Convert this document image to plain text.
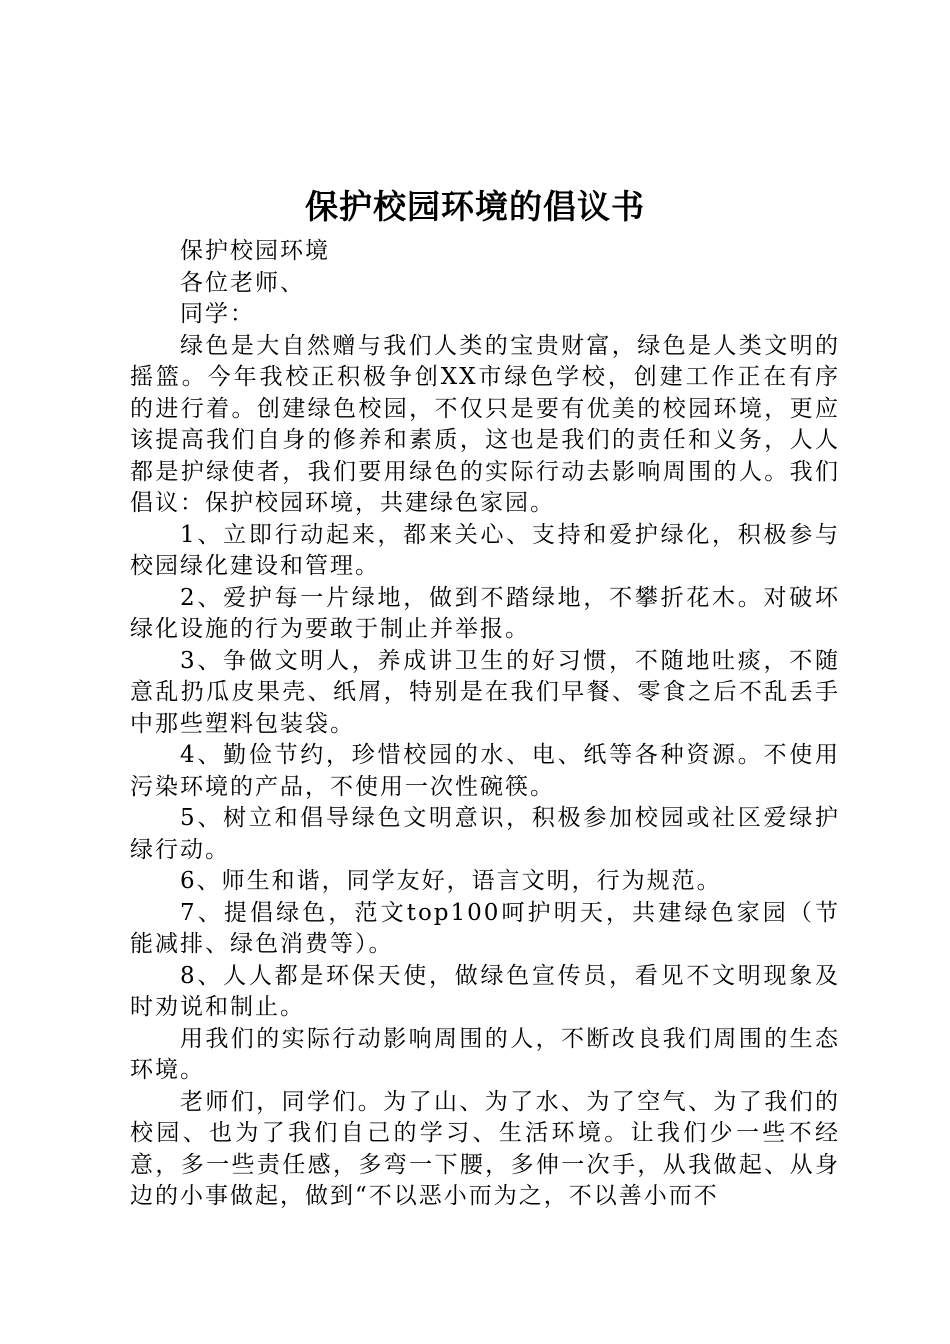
保护校园环境的倡议书

保护校园环境

各位老师、

同学：

绿色是大自然赠与我们人类的宝贵财富，绿色是人类文明的摇篮。今年我校正积极争创XX市绿色学校，创建工作正在有序的进行着。创建绿色校园，不仅只是要有优美的校园环境，更应该提高我们自身的修养和素质，这也是我们的责任和义务，人人都是护绿使者，我们要用绿色的实际行动去影响周围的人。我们倡议：保护校园环境，共建绿色家园。

1、立即行动起来，都来关心、支持和爱护绿化，积极参与校园绿化建设和管理。

2、爱护每一片绿地，做到不踏绿地，不攀折花木。对破坏绿化设施的行为要敢于制止并举报。

3、争做文明人，养成讲卫生的好习惯，不随地吐痰，不随意乱扔瓜皮果壳、纸屑，特别是在我们早餐、零食之后不乱丢手中那些塑料包装袋。

4、勤俭节约，珍惜校园的水、电、纸等各种资源。不使用污染环境的产品，不使用一次性碗筷。

5、树立和倡导绿色文明意识，积极参加校园或社区爱绿护绿行动。

6、师生和谐，同学友好，语言文明，行为规范。

7、提倡绿色，范文top100呵护明天，共建绿色家园（节能减排、绿色消费等）。

8、人人都是环保天使，做绿色宣传员，看见不文明现象及时劝说和制止。

用我们的实际行动影响周围的人，不断改良我们周围的生态环境。

老师们，同学们。为了山、为了水、为了空气、为了我们的校园、也为了我们自己的学习、生活环境。让我们少一些不经意，多一些责任感，多弯一下腰，多伸一次手，从我做起、从身边的小事做起，做到“不以恶小而为之，不以善小而不
